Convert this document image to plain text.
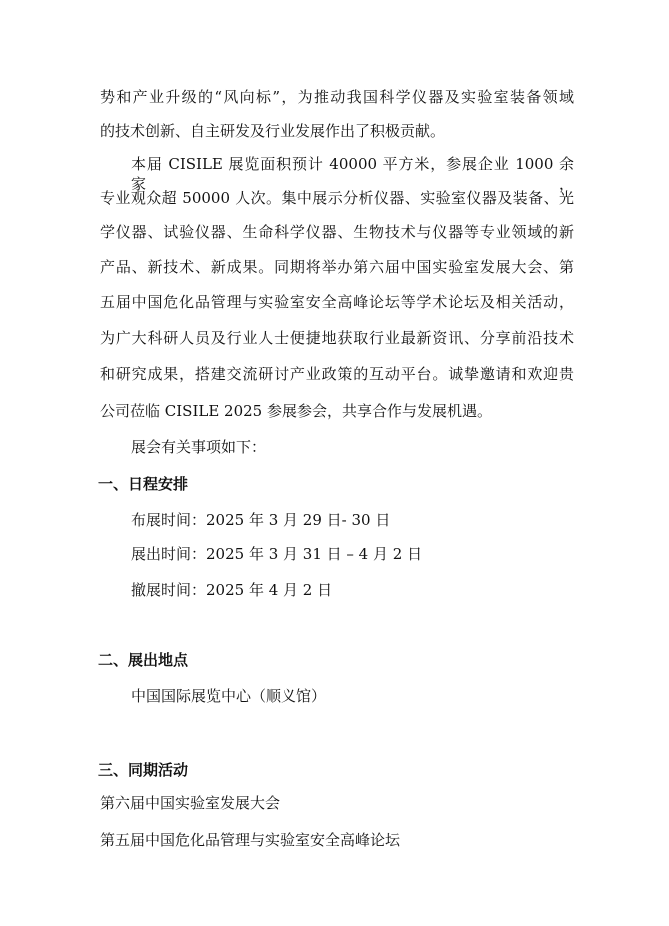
势和产业升级的“风向标”，为推动我国科学仪器及实验室装备领域
的技术创新、自主研发及行业发展作出了积极贡献。
本届 CISILE 展览面积预计 40000 平方米，参展企业 1000 余家，
专业观众超 50000 人次。集中展示分析仪器、实验室仪器及装备、光
学仪器、试验仪器、生命科学仪器、生物技术与仪器等专业领域的新
产品、新技术、新成果。同期将举办第六届中国实验室发展大会、第
五届中国危化品管理与实验室安全高峰论坛等学术论坛及相关活动，
为广大科研人员及行业人士便捷地获取行业最新资讯、分享前沿技术
和研究成果，搭建交流研讨产业政策的互动平台。诚挚邀请和欢迎贵
公司莅临 CISILE 2025 参展参会，共享合作与发展机遇。
展会有关事项如下：
一、日程安排
布展时间：2025 年 3 月 29 日- 30 日
展出时间：2025 年 3 月 31 日 – 4 月 2 日
撤展时间：2025 年 4 月 2 日
二、展出地点
中国国际展览中心（顺义馆）
三、同期活动
第六届中国实验室发展大会
第五届中国危化品管理与实验室安全高峰论坛
